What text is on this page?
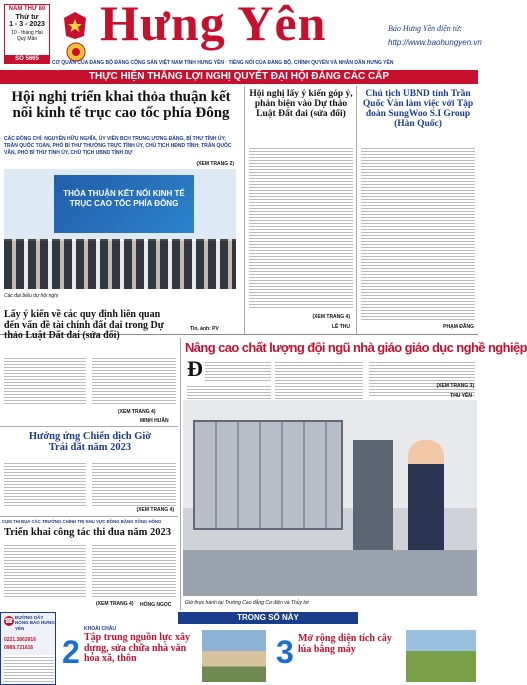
NĂM THỨ 80
Thứ tư
1 - 3 - 2023
10 - tháng Hai
Quý Mão
SỐ 5665
Hưng Yên	Báo Hưng Yên điện tử:
http://www.baohungyen.vn
CƠ QUAN CỦA ĐẢNG BỘ ĐẢNG CỘNG SẢN VIỆT NAM TỈNH HƯNG YÊN · TIẾNG NÓI CỦA ĐẢNG BỘ, CHÍNH QUYỀN VÀ NHÂN DÂN HƯNG YÊN
THỰC HIỆN THẮNG LỢI NGHỊ QUYẾT ĐẠI HỘI ĐẢNG CÁC CẤP
Hội nghị triển khai thỏa thuận kết nối kinh tế trục cao tốc phía Đông
CÁC ĐỒNG CHÍ: NGUYỄN HỮU NGHĨA, ỦY VIÊN BCH TRUNG ƯƠNG ĐẢNG, BÍ THƯ TỈNH ỦY; TRẦN QUỐC TOẢN, PHÓ BÍ THƯ THƯỜNG TRỰC TỈNH ỦY, CHỦ TỊCH HĐND TỈNH; TRẦN QUỐC VĂN, PHÓ BÍ THƯ TỈNH ỦY, CHỦ TỊCH UBND TỈNH DỰ
(XEM TRANG 2)
THỎA THUẬN KẾT NỐI KINH TẾ TRỤC CAO TỐC PHÍA ĐÔNG
Các đại biểu dự hội nghị
Tin, ảnh: PV
Hội nghị lấy ý kiến góp ý, phản biện vào Dự thảo Luật Đất đai (sửa đổi)
(XEM TRANG 4)
LÊ THU
Chủ tịch UBND tỉnh Trần Quốc Văn làm việc với Tập đoàn SungWoo S.I Group (Hàn Quốc)
PHẠM ĐĂNG
Lấy ý kiến về các quy định liên quan đến vấn đề tài chính đất đai trong Dự thảo Luật Đất đai (sửa đổi)
(XEM TRANG 4)
MINH HUÂN
Hướng ứng Chiến dịch Giờ Trái đất năm 2023
(XEM TRANG 4)
CỤM THI ĐUA CÁC TRƯỜNG CHÍNH TRỊ KHU VỰC ĐỒNG BẰNG SÔNG HỒNG
Triển khai công tác thi đua năm 2023
(XEM TRANG 4) HỒNG NGỌC
Nâng cao chất lượng đội ngũ nhà giáo giáo dục nghề nghiệp
Đ
(XEM TRANG 3)
THU YÊN
Giờ thực hành tại Trường Cao đẳng Cơ điện và Thủy lợi
☎ ĐƯỜNG DÂY NÓNG BÁO HƯNG YÊN
0221.3863916
0989.721616
TRONG SỐ NÀY
2
KHOÁI CHÂU
Tập trung nguồn lực xây dựng, sửa chữa nhà văn hóa xã, thôn	3 Mở rộng diện tích cây lúa bằng máy
